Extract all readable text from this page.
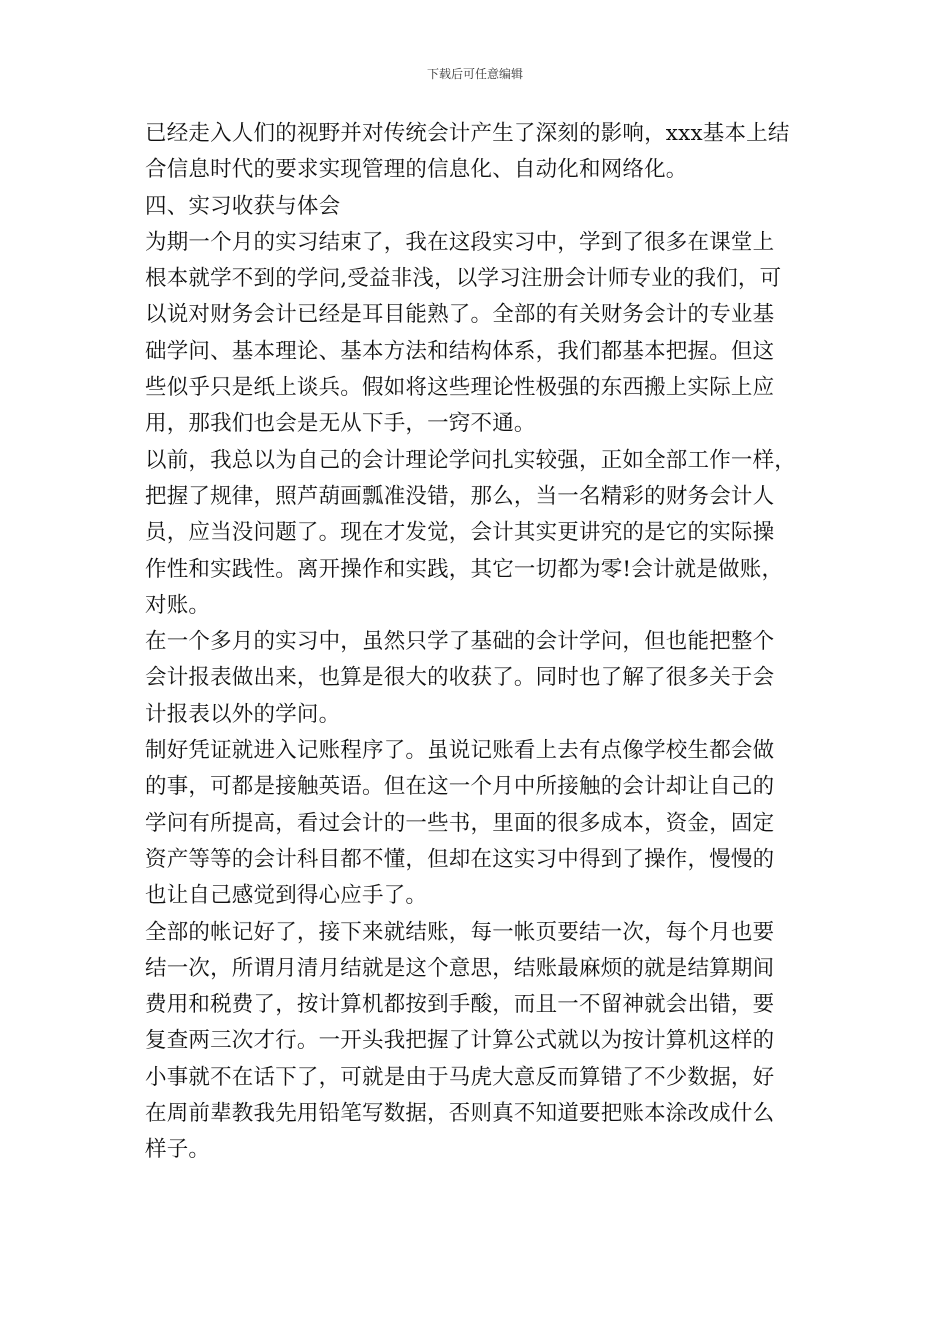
下载后可任意编辑
已经走入人们的视野并对传统会计产生了深刻的影响，xxx基本上结
合信息时代的要求实现管理的信息化、自动化和网络化。
四、实习收获与体会
为期一个月的实习结束了，我在这段实习中，学到了很多在课堂上
根本就学不到的学问,受益非浅，以学习注册会计师专业的我们，可
以说对财务会计已经是耳目能熟了。全部的有关财务会计的专业基
础学问、基本理论、基本方法和结构体系，我们都基本把握。但这
些似乎只是纸上谈兵。假如将这些理论性极强的东西搬上实际上应
用，那我们也会是无从下手，一窍不通。
以前，我总以为自己的会计理论学问扎实较强，正如全部工作一样，
把握了规律，照芦葫画瓢准没错，那么，当一名精彩的财务会计人
员，应当没问题了。现在才发觉，会计其实更讲究的是它的实际操
作性和实践性。离开操作和实践，其它一切都为零!会计就是做账，
对账。
在一个多月的实习中，虽然只学了基础的会计学问，但也能把整个
会计报表做出来，也算是很大的收获了。同时也了解了很多关于会
计报表以外的学问。
制好凭证就进入记账程序了。虽说记账看上去有点像学校生都会做
的事，可都是接触英语。但在这一个月中所接触的会计却让自己的
学问有所提高，看过会计的一些书，里面的很多成本，资金，固定
资产等等的会计科目都不懂，但却在这实习中得到了操作，慢慢的
也让自己感觉到得心应手了。
全部的帐记好了，接下来就结账，每一帐页要结一次，每个月也要
结一次，所谓月清月结就是这个意思，结账最麻烦的就是结算期间
费用和税费了，按计算机都按到手酸，而且一不留神就会出错，要
复查两三次才行。一开头我把握了计算公式就以为按计算机这样的
小事就不在话下了，可就是由于马虎大意反而算错了不少数据，好
在周前辈教我先用铅笔写数据，否则真不知道要把账本涂改成什么
样子。
